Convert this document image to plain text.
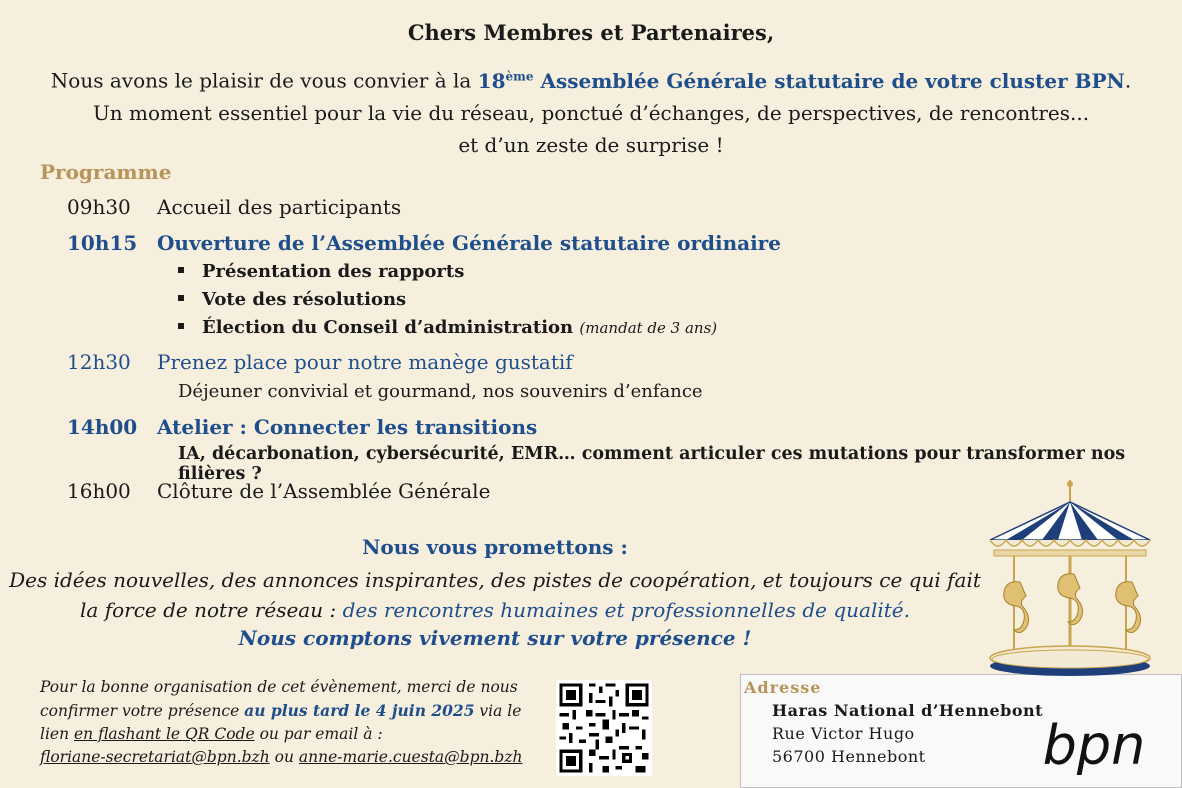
Chers Membres et Partenaires,
Nous avons le plaisir de vous convier à la 18ème Assemblée Générale statutaire de votre cluster BPN.
Un moment essentiel pour la vie du réseau, ponctué d’échanges, de perspectives, de rencontres...
et d’un zeste de surprise !
Programme
09h30 Accueil des participants
10h15 Ouverture de l’Assemblée Générale statutaire ordinaire
Présentation des rapports
Vote des résolutions
Élection du Conseil d’administration (mandat de 3 ans)
12h30 Prenez place pour notre manège gustatif
Déjeuner convivial et gourmand, nos souvenirs d’enfance
14h00 Atelier : Connecter les transitions
IA, décarbonation, cybersécurité, EMR… comment articuler ces mutations pour transformer nos filières ?
16h00 Clôture de l’Assemblée Générale
Nous vous promettons :
Des idées nouvelles, des annonces inspirantes, des pistes de coopération, et toujours ce qui fait
la force de notre réseau : des rencontres humaines et professionnelles de qualité.
Nous comptons vivement sur votre présence !
Pour la bonne organisation de cet évènement, merci de nous
confirmer votre présence au plus tard le 4 juin 2025 via le
lien en flashant le QR Code ou par email à :
floriane-secretariat@bpn.bzh ou anne-marie.cuesta@bpn.bzh
Adresse
Haras National d’Hennebont
Rue Victor Hugo
56700 Hennebont bpn
